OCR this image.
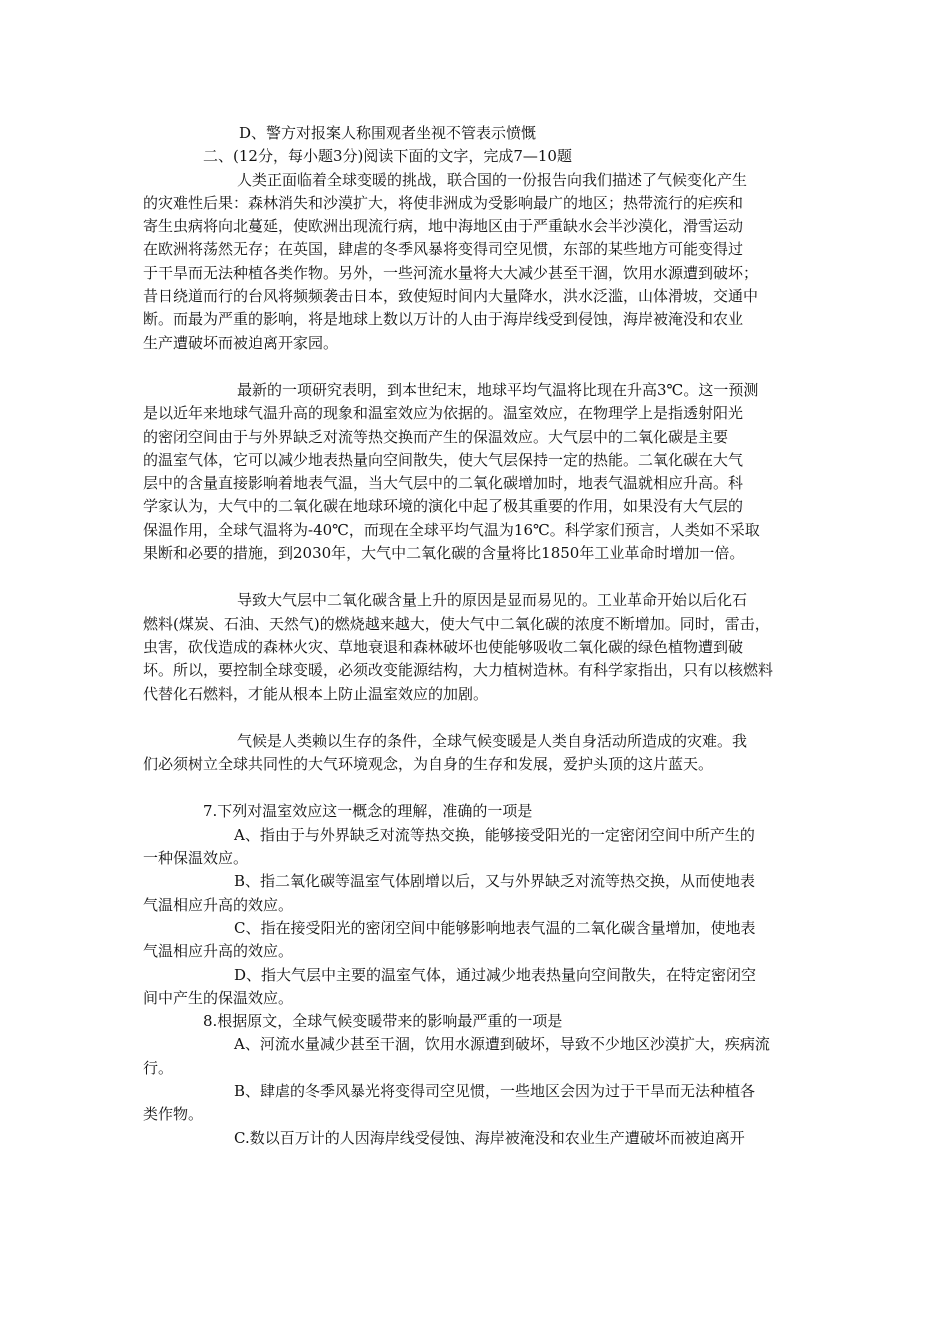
D、警方对报案人称围观者坐视不管表示愤慨
二、(12分，每小题3分)阅读下面的文字，完成7—10题
人类正面临着全球变暖的挑战，联合国的一份报告向我们描述了气候变化产生
的灾难性后果：森林消失和沙漠扩大，将使非洲成为受影响最广的地区；热带流行的疟疾和
寄生虫病将向北蔓延，使欧洲出现流行病，地中海地区由于严重缺水会半沙漠化，滑雪运动
在欧洲将荡然无存；在英国，肆虐的冬季风暴将变得司空见惯，东部的某些地方可能变得过
于干旱而无法种植各类作物。另外，一些河流水量将大大减少甚至干涸，饮用水源遭到破坏；
昔日绕道而行的台风将频频袭击日本，致使短时间内大量降水，洪水泛滥，山体滑坡，交通中
断。而最为严重的影响，将是地球上数以万计的人由于海岸线受到侵蚀，海岸被淹没和农业
生产遭破坏而被迫离开家园。
最新的一项研究表明，到本世纪末，地球平均气温将比现在升高3℃。这一预测
是以近年来地球气温升高的现象和温室效应为依据的。温室效应，在物理学上是指透射阳光
的密闭空间由于与外界缺乏对流等热交换而产生的保温效应。大气层中的二氧化碳是主要
的温室气体，它可以减少地表热量向空间散失，使大气层保持一定的热能。二氧化碳在大气
层中的含量直接影响着地表气温，当大气层中的二氧化碳增加时，地表气温就相应升高。科
学家认为，大气中的二氧化碳在地球环境的演化中起了极其重要的作用，如果没有大气层的
保温作用，全球气温将为-40℃，而现在全球平均气温为16℃。科学家们预言，人类如不采取
果断和必要的措施，到2030年，大气中二氧化碳的含量将比1850年工业革命时增加一倍。
导致大气层中二氧化碳含量上升的原因是显而易见的。工业革命开始以后化石
燃料(煤炭、石油、天然气)的燃烧越来越大，使大气中二氧化碳的浓度不断增加。同时，雷击，
虫害，砍伐造成的森林火灾、草地衰退和森林破坏也使能够吸收二氧化碳的绿色植物遭到破
坏。所以，要控制全球变暖，必须改变能源结构，大力植树造林。有科学家指出，只有以核燃料
代替化石燃料，才能从根本上防止温室效应的加剧。
气候是人类赖以生存的条件，全球气候变暖是人类自身活动所造成的灾难。我
们必须树立全球共同性的大气环境观念，为自身的生存和发展，爱护头顶的这片蓝天。
7.下列对温室效应这一概念的理解，准确的一项是
A、指由于与外界缺乏对流等热交换，能够接受阳光的一定密闭空间中所产生的
一种保温效应。
B、指二氧化碳等温室气体剧增以后，又与外界缺乏对流等热交换，从而使地表
气温相应升高的效应。
C、指在接受阳光的密闭空间中能够影响地表气温的二氧化碳含量增加，使地表
气温相应升高的效应。
D、指大气层中主要的温室气体，通过减少地表热量向空间散失，在特定密闭空
间中产生的保温效应。
8.根据原文，全球气候变暖带来的影响最严重的一项是
A、河流水量减少甚至干涸，饮用水源遭到破坏，导致不少地区沙漠扩大，疾病流
行。
B、肆虐的冬季风暴光将变得司空见惯，一些地区会因为过于干旱而无法种植各
类作物。
C.数以百万计的人因海岸线受侵蚀、海岸被淹没和农业生产遭破坏而被迫离开
